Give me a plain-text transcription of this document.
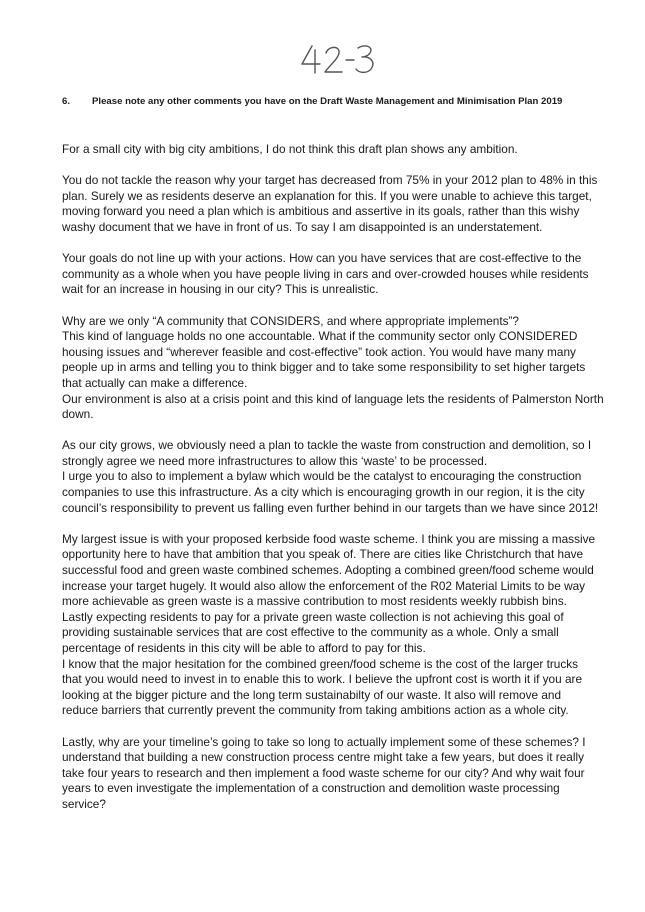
6. Please note any other comments you have on the Draft Waste Management and Minimisation Plan 2019
For a small city with big city ambitions, I do not think this draft plan shows any ambition.
You do not tackle the reason why your target has decreased from 75% in your 2012 plan to 48% in this
plan. Surely we as residents deserve an explanation for this. If you were unable to achieve this target,
moving forward you need a plan which is ambitious and assertive in its goals, rather than this wishy
washy document that we have in front of us. To say I am disappointed is an understatement.
Your goals do not line up with your actions. How can you have services that are cost-effective to the
community as a whole when you have people living in cars and over-crowded houses while residents
wait for an increase in housing in our city? This is unrealistic.
Why are we only “A community that CONSIDERS, and where appropriate implements”?
This kind of language holds no one accountable. What if the community sector only CONSIDERED
housing issues and “wherever feasible and cost-effective” took action. You would have many many
people up in arms and telling you to think bigger and to take some responsibility to set higher targets
that actually can make a difference.
Our environment is also at a crisis point and this kind of language lets the residents of Palmerston North
down.
As our city grows, we obviously need a plan to tackle the waste from construction and demolition, so I
strongly agree we need more infrastructures to allow this ‘waste’ to be processed.
I urge you to also to implement a bylaw which would be the catalyst to encouraging the construction
companies to use this infrastructure. As a city which is encouraging growth in our region, it is the city
council’s responsibility to prevent us falling even further behind in our targets than we have since 2012!
My largest issue is with your proposed kerbside food waste scheme. I think you are missing a massive
opportunity here to have that ambition that you speak of. There are cities like Christchurch that have
successful food and green waste combined schemes. Adopting a combined green/food scheme would
increase your target hugely. It would also allow the enforcement of the R02 Material Limits to be way
more achievable as green waste is a massive contribution to most residents weekly rubbish bins.
Lastly expecting residents to pay for a private green waste collection is not achieving this goal of
providing sustainable services that are cost effective to the community as a whole. Only a small
percentage of residents in this city will be able to afford to pay for this.
I know that the major hesitation for the combined green/food scheme is the cost of the larger trucks
that you would need to invest in to enable this to work. I believe the upfront cost is worth it if you are
looking at the bigger picture and the long term sustainabilty of our waste. It also will remove and
reduce barriers that currently prevent the community from taking ambitions action as a whole city.
Lastly, why are your timeline’s going to take so long to actually implement some of these schemes? I
understand that building a new construction process centre might take a few years, but does it really
take four years to research and then implement a food waste scheme for our city? And why wait four
years to even investigate the implementation of a construction and demolition waste processing
service?
